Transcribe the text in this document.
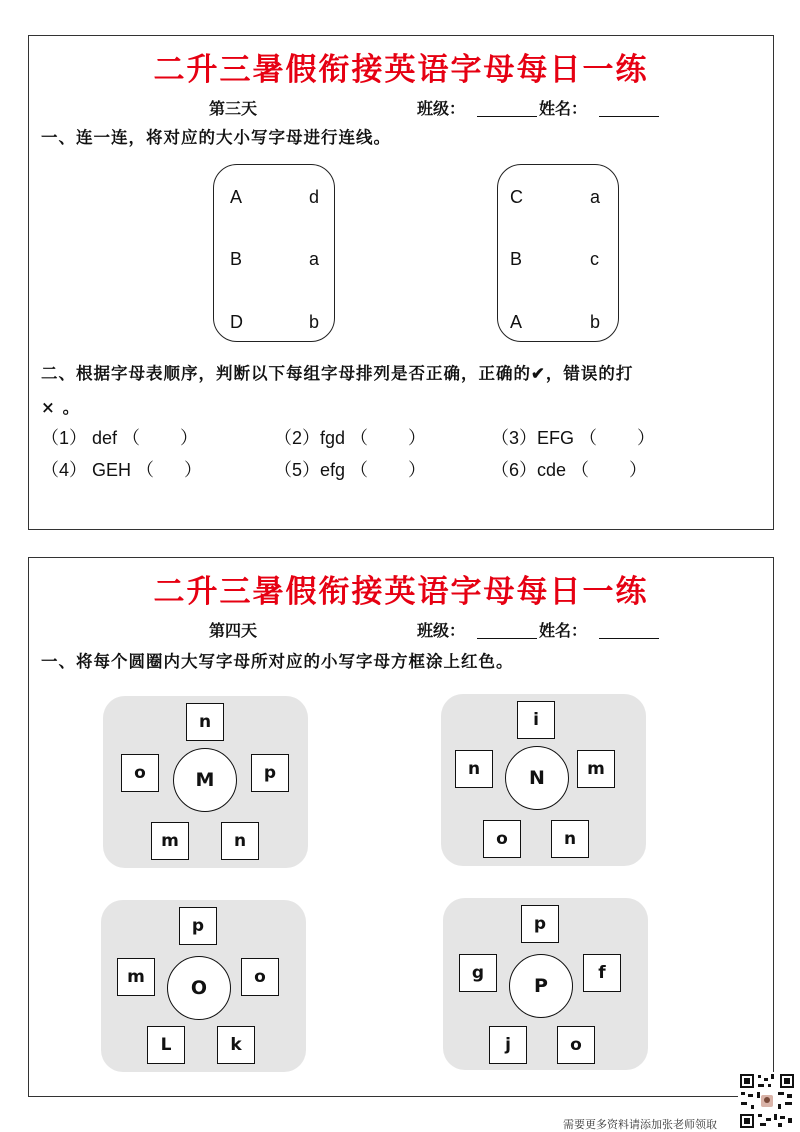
二升三暑假衔接英语字母每日一练
第三天	班级：	姓名：
一、连一连，将对应的大小写字母进行连线。
A
B
D
d
a
b
C
B
A
a
c
b
二、根据字母表顺序，判断以下每组字母排列是否正确，正确的✔，错误的打
× 。
（1） def （        ）	（2）fgd （        ）	（3）EFG （        ）
（4） GEH （      ）	（5）efg （        ）	（6）cde （        ）
二升三暑假衔接英语字母每日一练
第四天	班级：	姓名：
一、将每个圆圈内大写字母所对应的小写字母方框涂上红色。
n
o	M	p
m	n
i
n	N	m
o	n
p
m	O	o
L	k
p
g
P
f
j	o
需要更多资料请添加张老师领取
